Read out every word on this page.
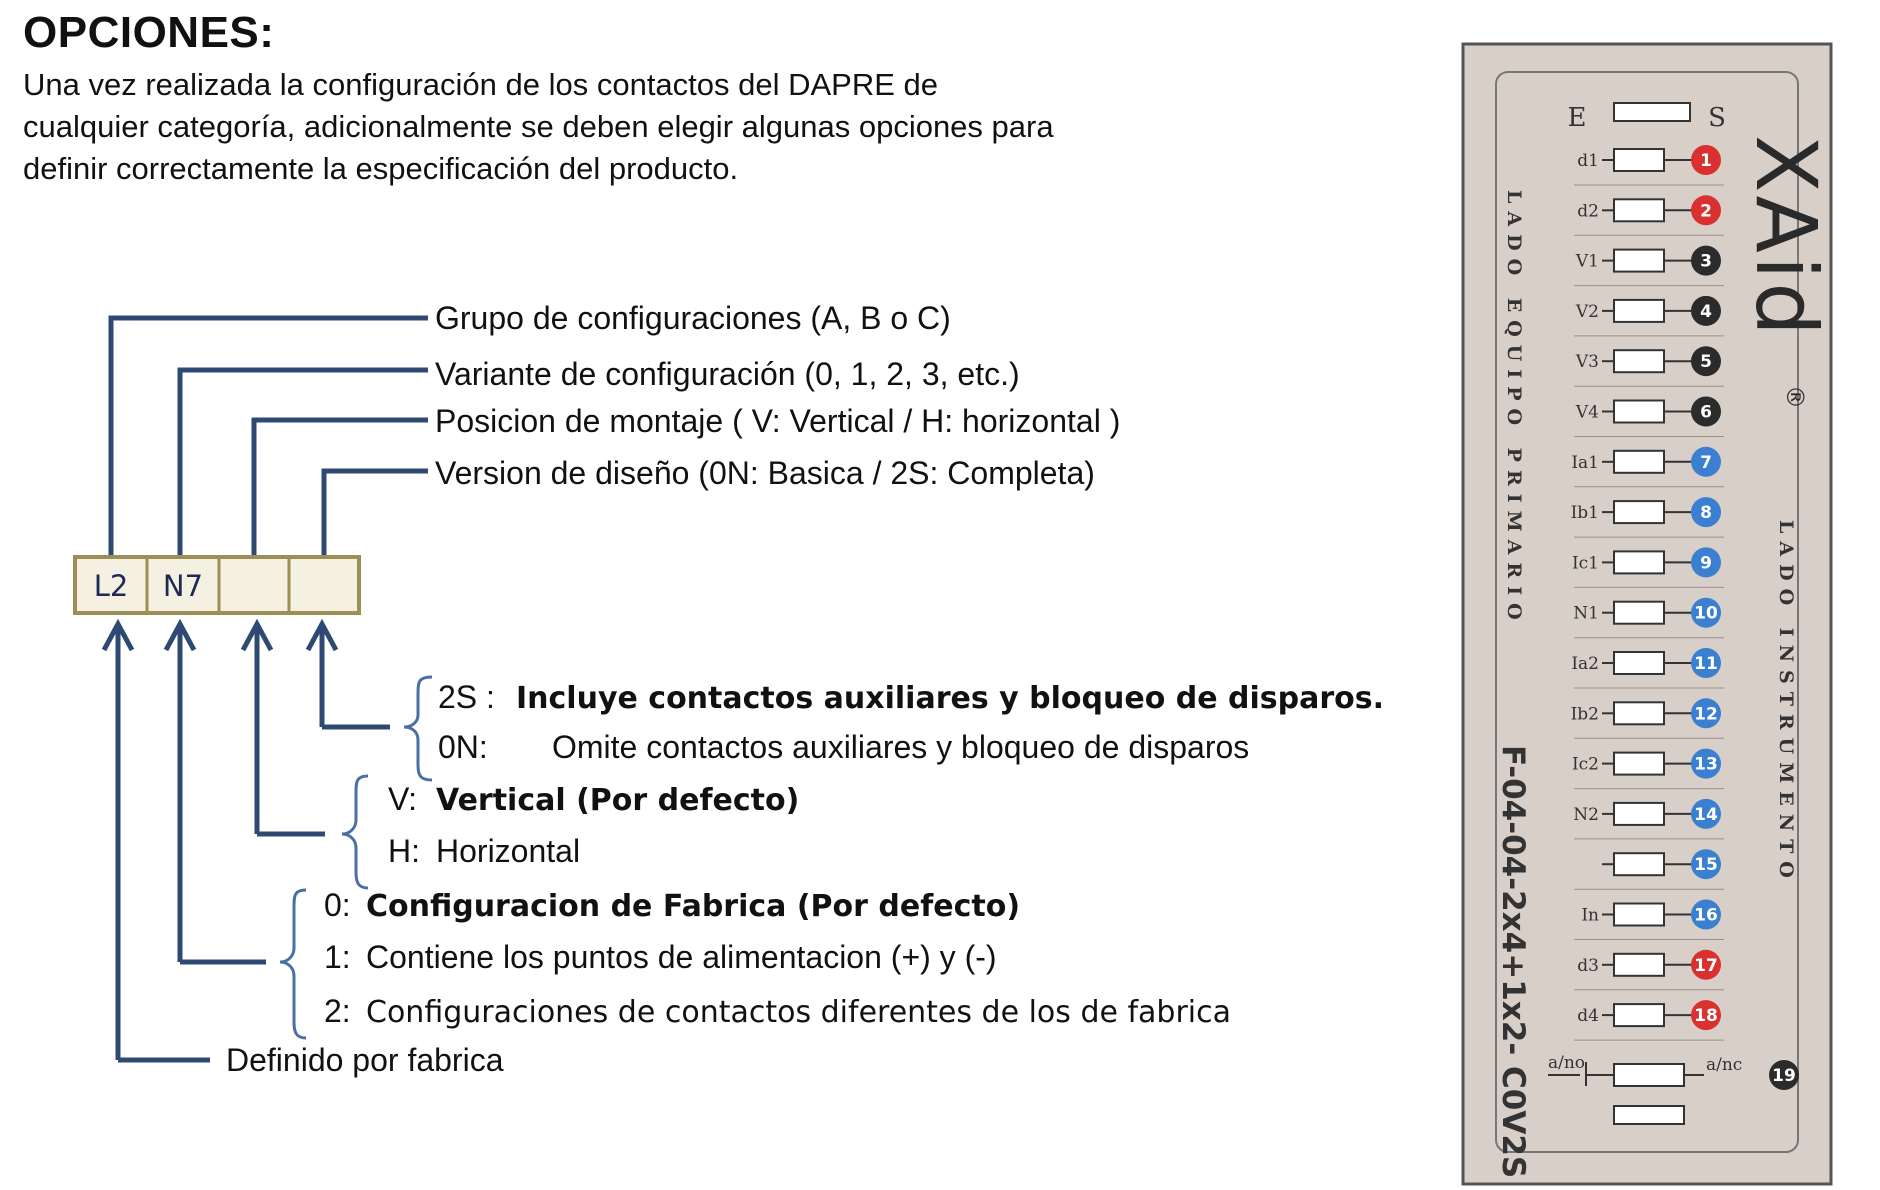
OPCIONES:

Una vez realizada la configuración de los contactos del DAPRE de
cualquier categoría, adicionalmente se deben elegir algunas opciones para
definir correctamente la especificación del producto.

Grupo de configuraciones (A, B o C)
Variante de configuración (0, 1, 2, 3, etc.)
Posicion de montaje ( V: Vertical / H: horizontal )
Version de diseño (0N: Basica / 2S: Completa)
L2 N7
2S : Incluye contactos auxiliares y bloqueo de disparos.
0N: Omite contactos auxiliares y bloqueo de disparos
V: Vertical (Por defecto)
H: Horizontal
0: Configuracion de Fabrica (Por defecto)
1: Contiene los puntos de alimentacion (+) y (-)
2: Configuraciones de contactos diferentes de los de fabrica
Definido por fabrica
E	S
LADO EQUIPO PRIMARIO
LADO INSTRUMENTO
XAid
®
F-04-04-2x4+1x2- C0V2S
d1	1
d2	2
V1	3
V2	4
V3	5
V4	6
Ia1	7
Ib1	8
Ic1	9
N1	10
Ia2	11
Ib2	12
Ic2	13
N2	14
15
In	16
d3	17
d4	18
a/no	a/nc
19
